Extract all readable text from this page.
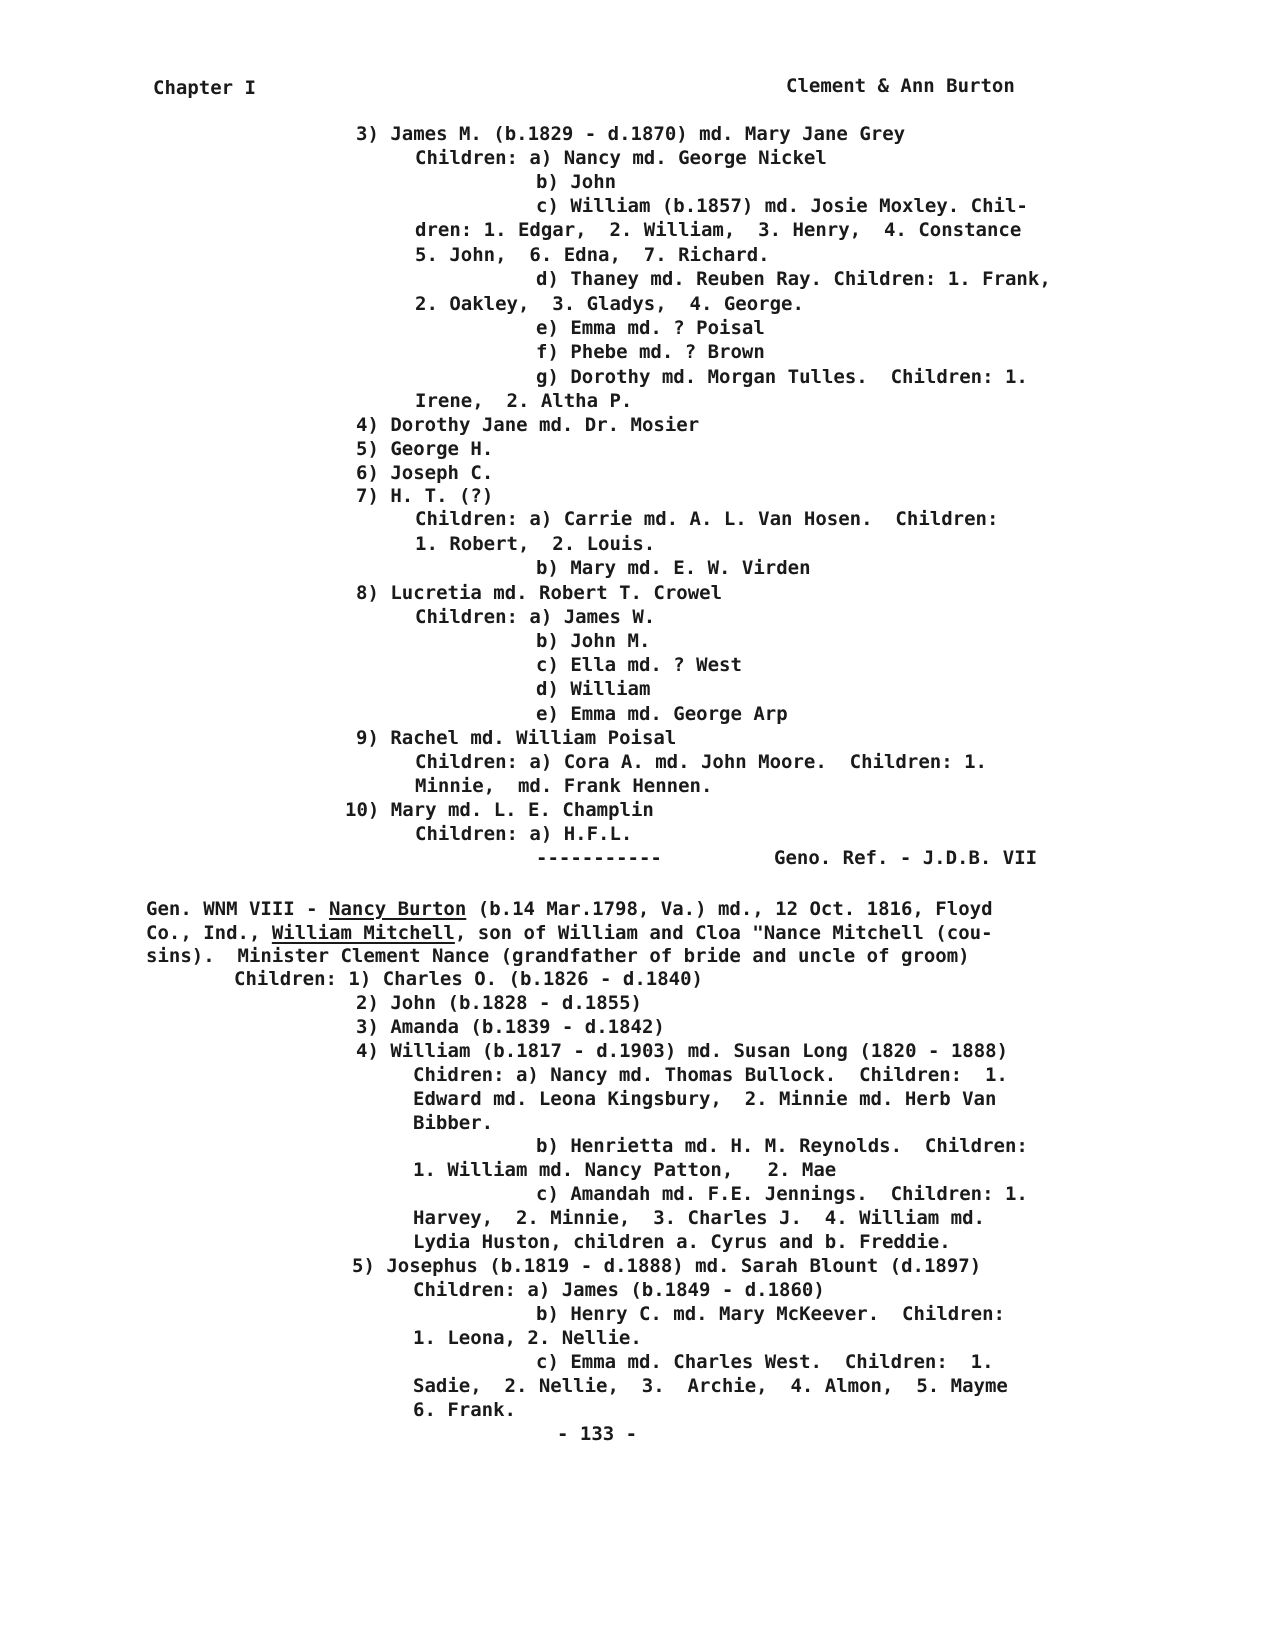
Chapter I	Clement & Ann Burton
3) James M. (b.1829 - d.1870) md. Mary Jane Grey
Children: a) Nancy md. George Nickel
b) John
c) William (b.1857) md. Josie Moxley. Chil-
dren: 1. Edgar,  2. William,  3. Henry,  4. Constance
5. John,  6. Edna,  7. Richard.
d) Thaney md. Reuben Ray. Children: 1. Frank,
2. Oakley,  3. Gladys,  4. George.
e) Emma md. ? Poisal
f) Phebe md. ? Brown
g) Dorothy md. Morgan Tulles.  Children: 1.
Irene,  2. Altha P.
4) Dorothy Jane md. Dr. Mosier
5) George H.
6) Joseph C.
7) H. T. (?)
Children: a) Carrie md. A. L. Van Hosen.  Children:
1. Robert,  2. Louis.
b) Mary md. E. W. Virden
8) Lucretia md. Robert T. Crowel
Children: a) James W.
b) John M.
c) Ella md. ? West
d) William
e) Emma md. George Arp
9) Rachel md. William Poisal
Children: a) Cora A. md. John Moore.  Children: 1.
Minnie,  md. Frank Hennen.
10) Mary md. L. E. Champlin
Children: a) H.F.L.
-----------	Geno. Ref. - J.D.B. VII
Gen. WNM VIII - Nancy Burton (b.14 Mar.1798, Va.) md., 12 Oct. 1816, Floyd
Co., Ind., William Mitchell, son of William and Cloa "Nance Mitchell (cou-
sins).  Minister Clement Nance (grandfather of bride and uncle of groom)
Children: 1) Charles O. (b.1826 - d.1840)
2) John (b.1828 - d.1855)
3) Amanda (b.1839 - d.1842)
4) William (b.1817 - d.1903) md. Susan Long (1820 - 1888)
Chidren: a) Nancy md. Thomas Bullock.  Children:  1.
Edward md. Leona Kingsbury,  2. Minnie md. Herb Van
Bibber.
b) Henrietta md. H. M. Reynolds.  Children:
1. William md. Nancy Patton,   2. Mae
c) Amandah md. F.E. Jennings.  Children: 1.
Harvey,  2. Minnie,  3. Charles J.  4. William md.
Lydia Huston, children a. Cyrus and b. Freddie.
5) Josephus (b.1819 - d.1888) md. Sarah Blount (d.1897)
Children: a) James (b.1849 - d.1860)
b) Henry C. md. Mary McKeever.  Children:
1. Leona, 2. Nellie.
c) Emma md. Charles West.  Children:  1.
Sadie,  2. Nellie,  3.  Archie,  4. Almon,  5. Mayme
6. Frank.
- 133 -
